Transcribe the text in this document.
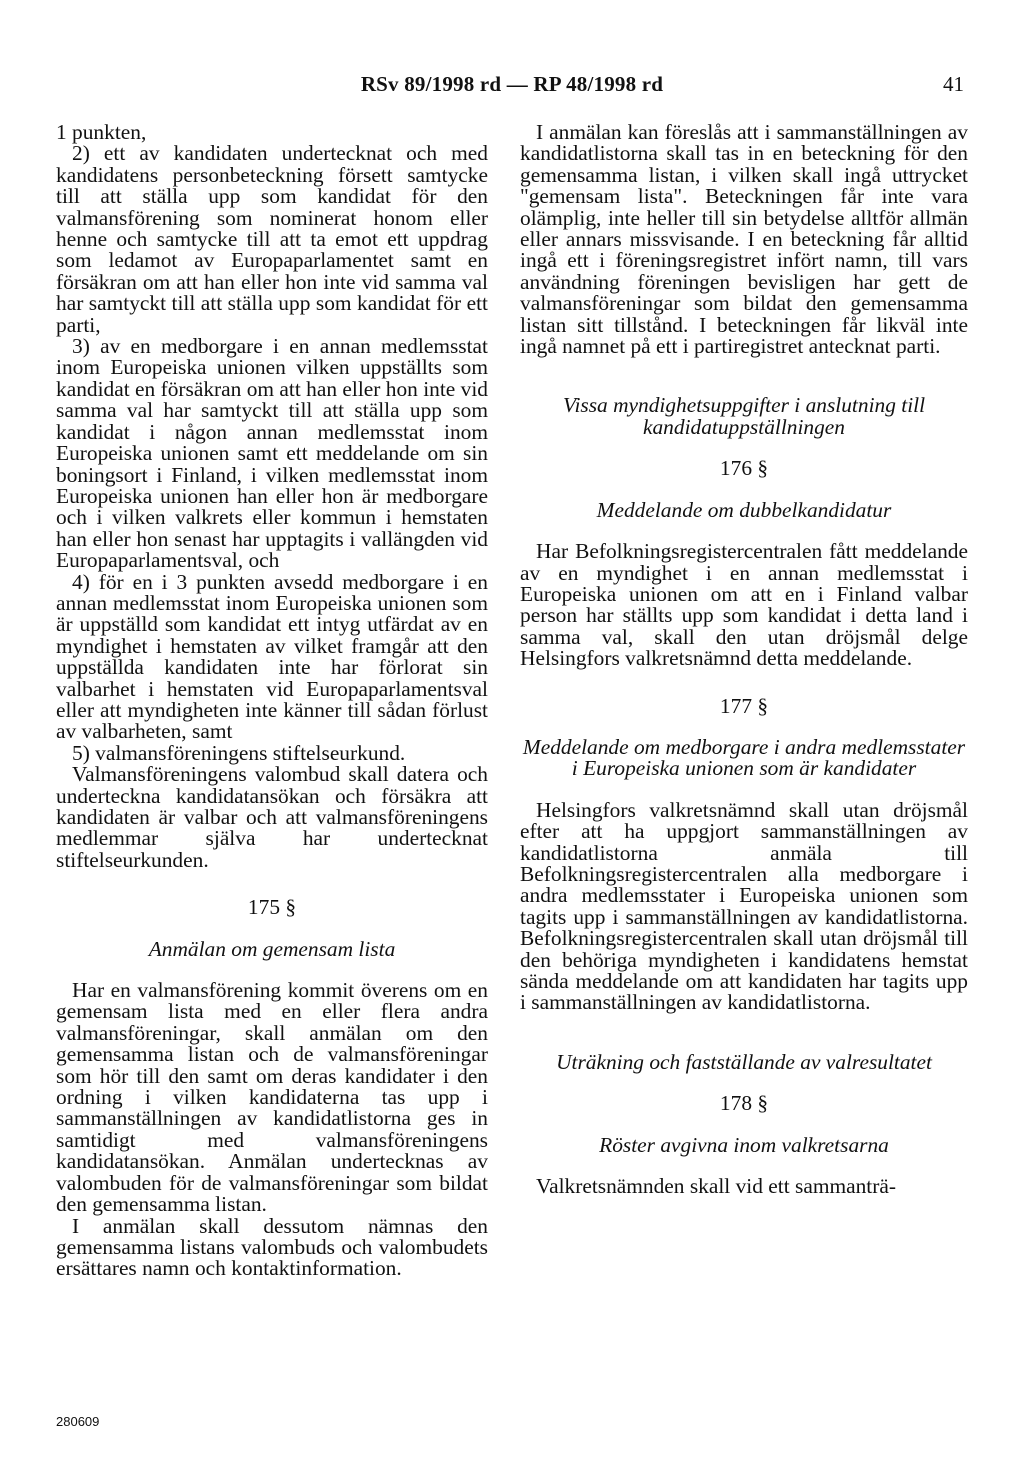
RSv 89/1998 rd — RP 48/1998 rd	41

1 punkten,

2) ett av kandidaten undertecknat och med kandidatens personbeteckning försett samtycke till att ställa upp som kandidat för den valmansförening som nominerat honom eller henne och samtycke till att ta emot ett uppdrag som ledamot av Europaparlamentet samt en försäkran om att han eller hon inte vid samma val har samtyckt till att ställa upp som kandidat för ett parti,

3) av en medborgare i en annan medlemsstat inom Europeiska unionen vilken uppställts som kandidat en försäkran om att han eller hon inte vid samma val har samtyckt till att ställa upp som kandidat i någon annan medlemsstat inom Europeiska unionen samt ett meddelande om sin boningsort i Finland, i vilken medlemsstat inom Europeiska unionen han eller hon är medborgare och i vilken valkrets eller kommun i hemstaten han eller hon senast har upptagits i vallängden vid Europaparlamentsval, och

4) för en i 3 punkten avsedd medborgare i en annan medlemsstat inom Europeiska unionen som är uppställd som kandidat ett intyg utfärdat av en myndighet i hemstaten av vilket framgår att den uppställda kandidaten inte har förlorat sin valbarhet i hemstaten vid Europaparlamentsval eller att myndigheten inte känner till sådan förlust av valbarheten, samt

5) valmansföreningens stiftelseurkund.

Valmansföreningens valombud skall datera och underteckna kandidatansökan och försäkra att kandidaten är valbar och att valmansföreningens medlemmar själva har undertecknat stiftelseurkunden.

175 §

Anmälan om gemensam lista

Har en valmansförening kommit överens om en gemensam lista med en eller flera andra valmansföreningar, skall anmälan om den gemensamma listan och de valmansföreningar som hör till den samt om deras kandidater i den ordning i vilken kandidaterna tas upp i sammanställningen av kandidatlistorna ges in samtidigt med valmansföreningens kandidatansökan. Anmälan undertecknas av valombuden för de valmansföreningar som bildat den gemensamma listan.

I anmälan skall dessutom nämnas den gemensamma listans valombuds och valombudets ersättares namn och kontaktinformation.

I anmälan kan föreslås att i sammanställningen av kandidatlistorna skall tas in en beteckning för den gemensamma listan, i vilken skall ingå uttrycket "gemensam lista". Beteckningen får inte vara olämplig, inte heller till sin betydelse alltför allmän eller annars missvisande. I en beteckning får alltid ingå ett i föreningsregistret infört namn, till vars användning föreningen bevisligen har gett de valmansföreningar som bildat den gemensamma listan sitt tillstånd. I beteckningen får likväl inte ingå namnet på ett i partiregistret antecknat parti.

Vissa myndighetsuppgifter i anslutning till kandidatuppställningen

176 §

Meddelande om dubbelkandidatur

Har Befolkningsregistercentralen fått meddelande av en myndighet i en annan medlemsstat i Europeiska unionen om att en i Finland valbar person har ställts upp som kandidat i detta land i samma val, skall den utan dröjsmål delge Helsingfors valkretsnämnd detta meddelande.

177 §

Meddelande om medborgare i andra medlemsstater i Europeiska unionen som är kandidater

Helsingfors valkretsnämnd skall utan dröjsmål efter att ha uppgjort sammanställningen av kandidatlistorna anmäla till Befolkningsregistercentralen alla medborgare i andra medlemsstater i Europeiska unionen som tagits upp i sammanställningen av kandidatlistorna. Befolkningsregistercentralen skall utan dröjsmål till den behöriga myndigheten i kandidatens hemstat sända meddelande om att kandidaten har tagits upp i sammanställningen av kandidatlistorna.

Uträkning och fastställande av valresultatet

178 §

Röster avgivna inom valkretsarna

Valkretsnämnden skall vid ett sammanträ-

280609
